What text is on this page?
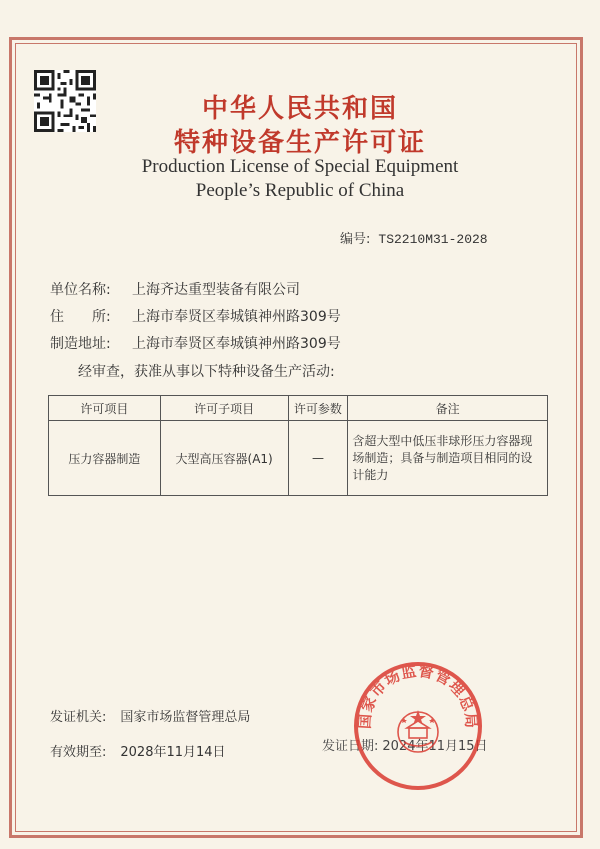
中华人民共和国
特种设备生产许可证
Production License of Special Equipment
People’s Republic of China
编号: TS2210M31-2028
单位名称: 上海齐达重型装备有限公司
住　　所: 上海市奉贤区奉城镇神州路309号
制造地址: 上海市奉贤区奉城镇神州路309号
经审查，获准从事以下特种设备生产活动:
许可项目	许可子项目	许可参数	备注
压力容器制造	大型高压容器(A1)	—	含超大型中低压非球形压力容器现场制造；具备与制造项目相同的设计能力
发证机关: 国家市场监督管理总局
有效期至: 2028年11月14日	发证日期: 2024年11月15日
国家市场监督管理总局
